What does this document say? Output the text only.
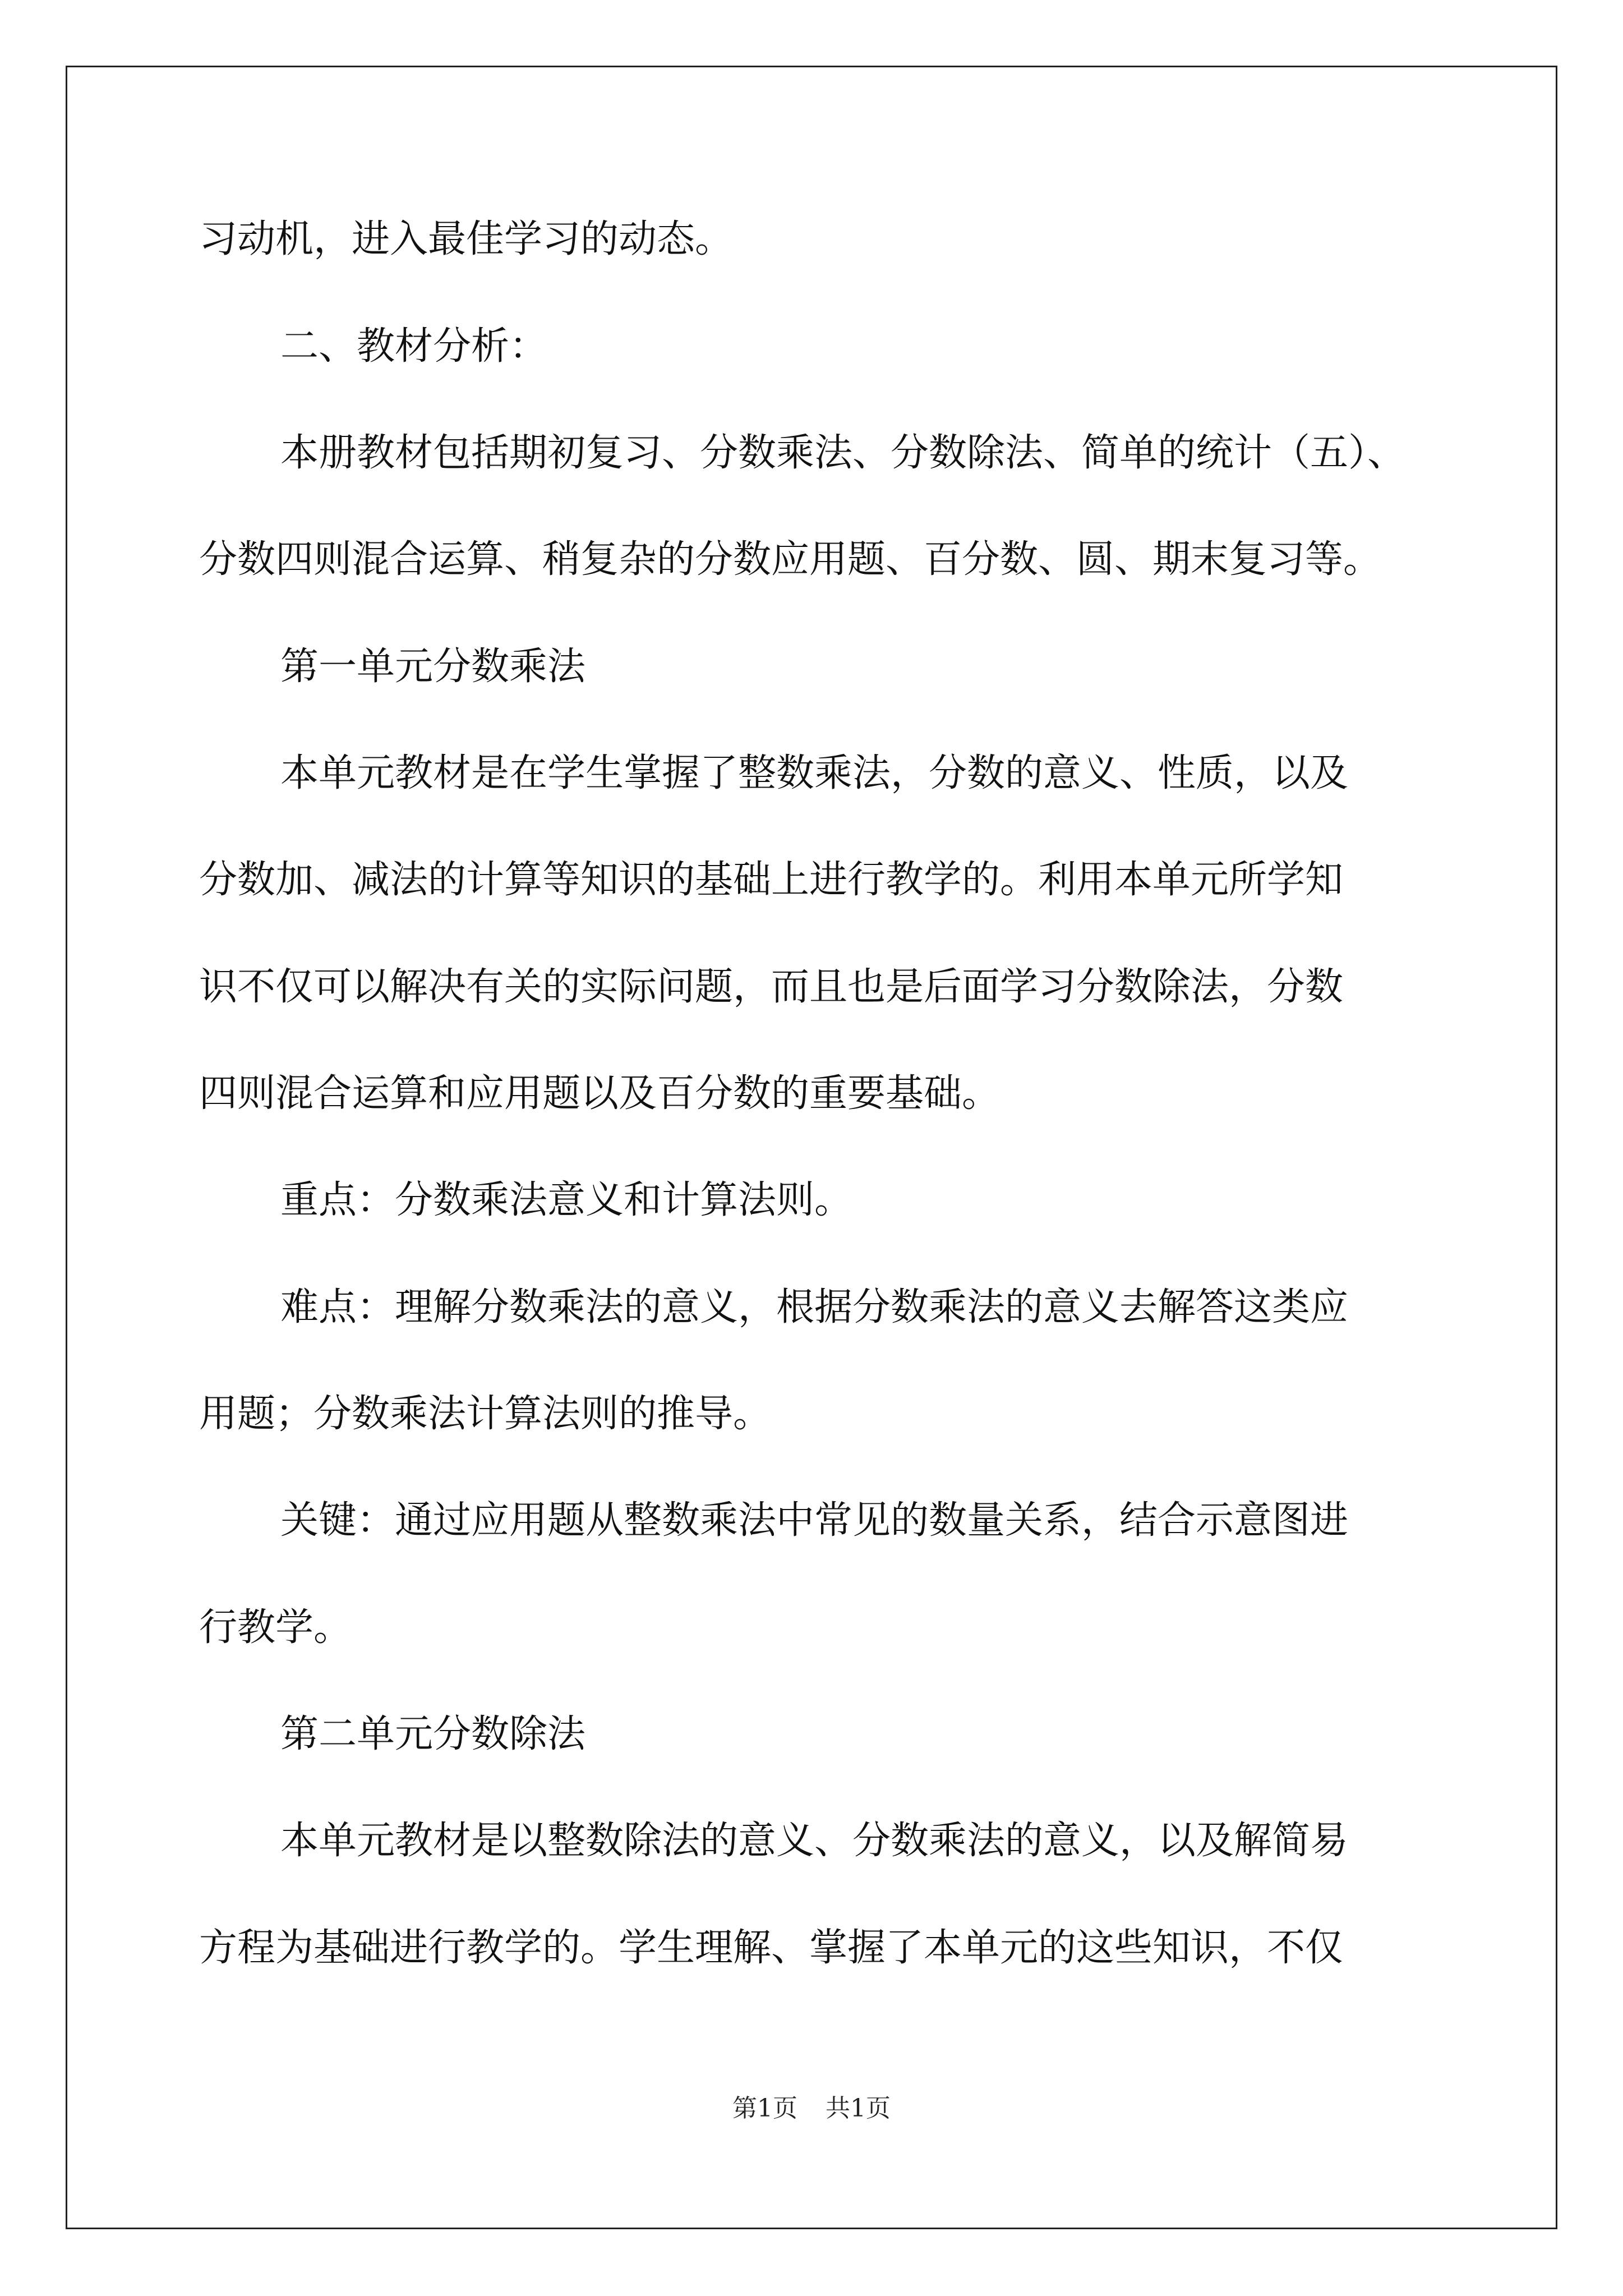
习动机，进入最佳学习的动态。

二、教材分析：

本册教材包括期初复习、分数乘法、分数除法、简单的统计（五）、

分数四则混合运算、稍复杂的分数应用题、百分数、圆、期末复习等。

第一单元分数乘法

本单元教材是在学生掌握了整数乘法，分数的意义、性质，以及

分数加、减法的计算等知识的基础上进行教学的。利用本单元所学知

识不仅可以解决有关的实际问题，而且也是后面学习分数除法，分数

四则混合运算和应用题以及百分数的重要基础。

重点：分数乘法意义和计算法则。

难点：理解分数乘法的意义，根据分数乘法的意义去解答这类应

用题；分数乘法计算法则的推导。

关键：通过应用题从整数乘法中常见的数量关系，结合示意图进

行教学。

第二单元分数除法

本单元教材是以整数除法的意义、分数乘法的意义，以及解简易

方程为基础进行教学的。学生理解、掌握了本单元的这些知识，不仅

第1页 共1页
